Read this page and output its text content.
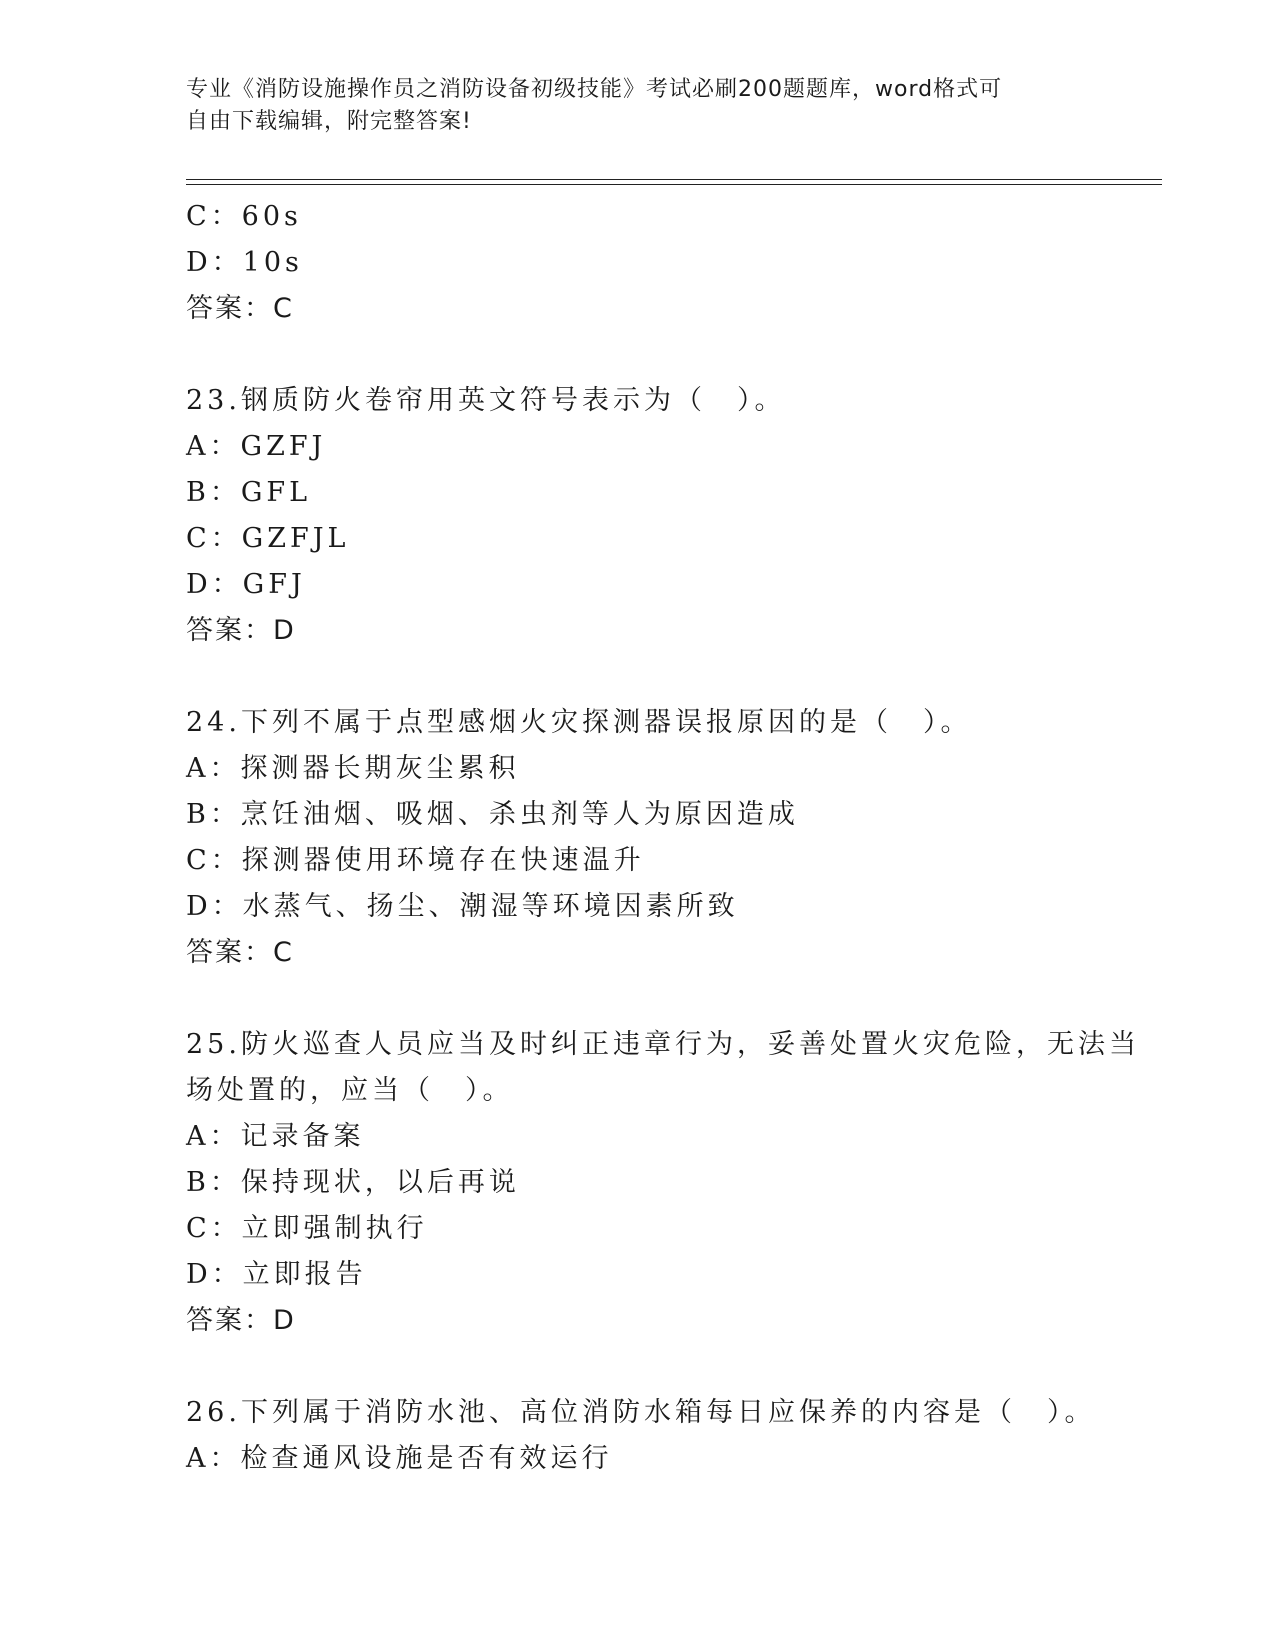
专业《消防设施操作员之消防设备初级技能》考试必刷200题题库，word格式可
自由下载编辑，附完整答案!
C：60s
D：10s
答案：C
23.钢质防火卷帘用英文符号表示为（　）。
A：GZFJ
B：GFL
C：GZFJL
D：GFJ
答案：D
24.下列不属于点型感烟火灾探测器误报原因的是（　）。
A：探测器长期灰尘累积
B：烹饪油烟、吸烟、杀虫剂等人为原因造成
C：探测器使用环境存在快速温升
D：水蒸气、扬尘、潮湿等环境因素所致
答案：C
25.防火巡查人员应当及时纠正违章行为，妥善处置火灾危险，无法当
场处置的，应当（　）。
A：记录备案
B：保持现状，以后再说
C：立即强制执行
D：立即报告
答案：D
26.下列属于消防水池、高位消防水箱每日应保养的内容是（　）。
A：检查通风设施是否有效运行
